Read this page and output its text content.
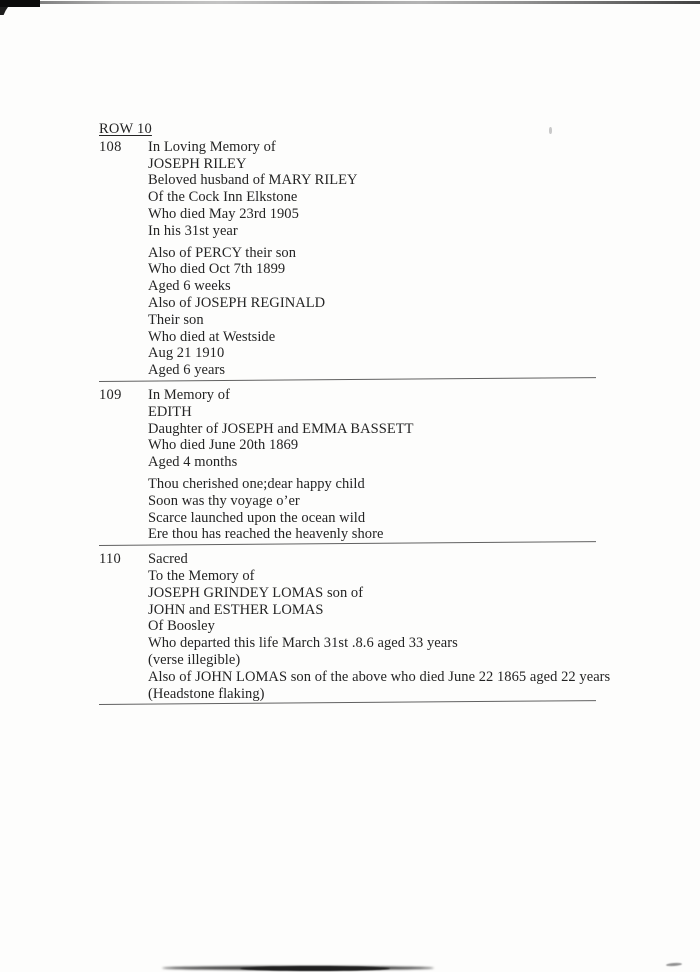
ROW 10
108	In Loving Memory of
JOSEPH RILEY
Beloved husband of MARY RILEY
Of the Cock Inn Elkstone
Who died May 23rd 1905
In his 31st year
Also of PERCY their son
Who died Oct 7th 1899
Aged 6 weeks
Also of JOSEPH REGINALD
Their son
Who died at Westside
Aug 21 1910
Aged 6 years
109	In Memory of
EDITH
Daughter of JOSEPH and EMMA BASSETT
Who died June 20th 1869
Aged 4 months
Thou cherished one;dear happy child
Soon was thy voyage o’er
Scarce launched upon the ocean wild
Ere thou has reached the heavenly shore
110	Sacred
To the Memory of
JOSEPH GRINDEY LOMAS son of
JOHN and ESTHER LOMAS
Of Boosley
Who departed this life March 31st .8.6 aged 33 years
(verse illegible)
Also of JOHN LOMAS son of the above who died June 22 1865 aged 22 years
(Headstone flaking)
